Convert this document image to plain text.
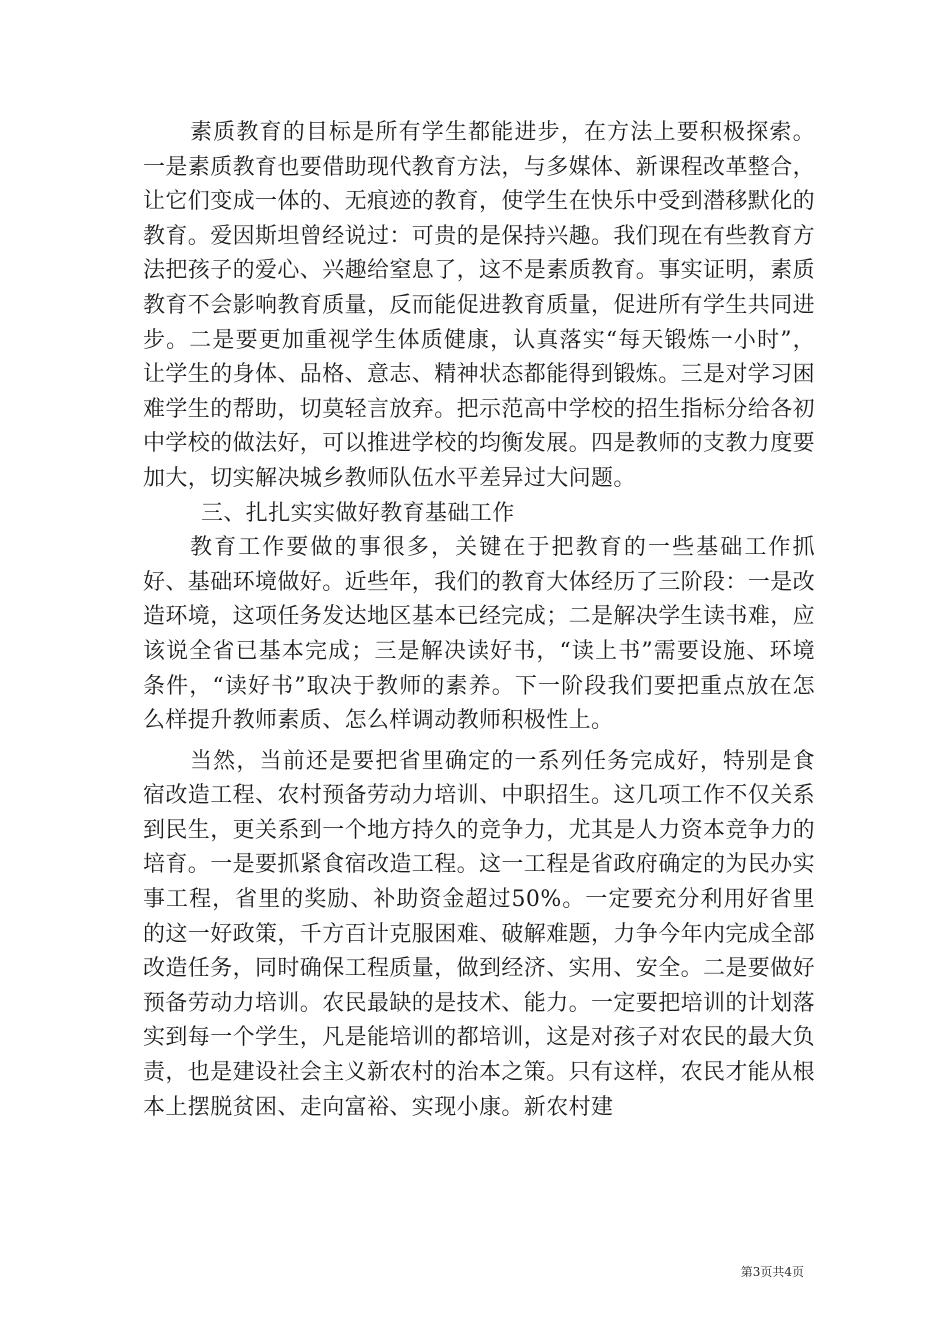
素质教育的目标是所有学生都能进步，在方法上要积极探索。一是素质教育也要借助现代教育方法，与多媒体、新课程改革整合，让它们变成一体的、无痕迹的教育，使学生在快乐中受到潜移默化的教育。爱因斯坦曾经说过：可贵的是保持兴趣。我们现在有些教育方法把孩子的爱心、兴趣给窒息了，这不是素质教育。事实证明，素质教育不会影响教育质量，反而能促进教育质量，促进所有学生共同进步。二是要更加重视学生体质健康，认真落实“每天锻炼一小时”，让学生的身体、品格、意志、精神状态都能得到锻炼。三是对学习困难学生的帮助，切莫轻言放弃。把示范高中学校的招生指标分给各初中学校的做法好，可以推进学校的均衡发展。四是教师的支教力度要加大，切实解决城乡教师队伍水平差异过大问题。

三、扎扎实实做好教育基础工作

教育工作要做的事很多，关键在于把教育的一些基础工作抓好、基础环境做好。近些年，我们的教育大体经历了三阶段：一是改造环境，这项任务发达地区基本已经完成；二是解决学生读书难，应该说全省已基本完成；三是解决读好书，“读上书”需要设施、环境条件，“读好书”取决于教师的素养。下一阶段我们要把重点放在怎么样提升教师素质、怎么样调动教师积极性上。

当然，当前还是要把省里确定的一系列任务完成好，特别是食宿改造工程、农村预备劳动力培训、中职招生。这几项工作不仅关系到民生，更关系到一个地方持久的竞争力，尤其是人力资本竞争力的培育。一是要抓紧食宿改造工程。这一工程是省政府确定的为民办实事工程，省里的奖励、补助资金超过50%。一定要充分利用好省里的这一好政策，千方百计克服困难、破解难题，力争今年内完成全部改造任务，同时确保工程质量，做到经济、实用、安全。二是要做好预备劳动力培训。农民最缺的是技术、能力。一定要把培训的计划落实到每一个学生，凡是能培训的都培训，这是对孩子对农民的最大负责，也是建设社会主义新农村的治本之策。只有这样，农民才能从根本上摆脱贫困、走向富裕、实现小康。新农村建

第3页共4页
